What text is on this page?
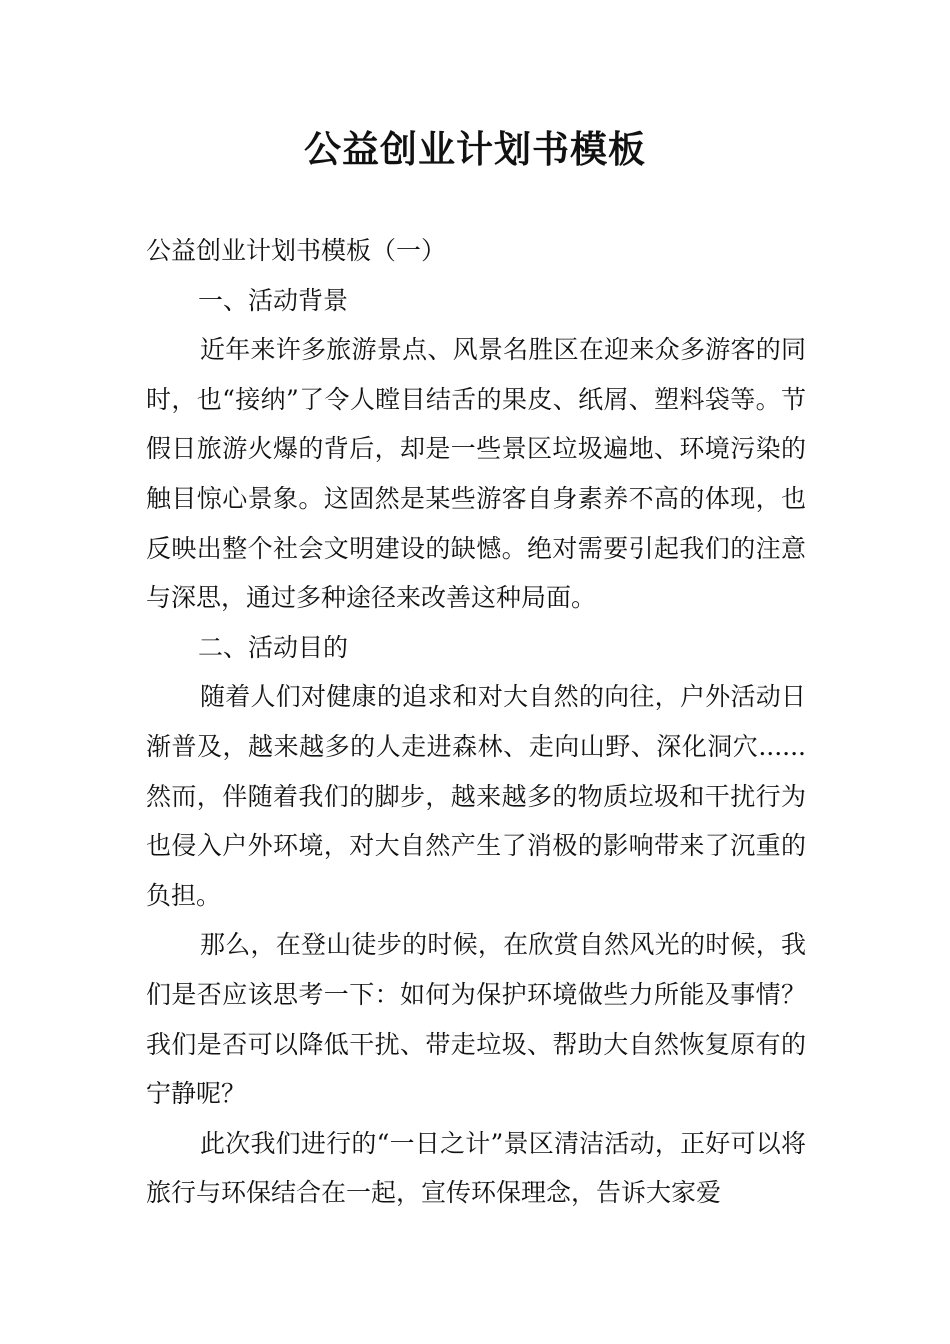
公益创业计划书模板

公益创业计划书模板（一）

一、活动背景

近年来许多旅游景点、风景名胜区在迎来众多游客的同时，也“接纳”了令人瞠目结舌的果皮、纸屑、塑料袋等。节假日旅游火爆的背后，却是一些景区垃圾遍地、环境污染的触目惊心景象。这固然是某些游客自身素养不高的体现，也反映出整个社会文明建设的缺憾。绝对需要引起我们的注意与深思，通过多种途径来改善这种局面。

二、活动目的

随着人们对健康的追求和对大自然的向往，户外活动日渐普及，越来越多的人走进森林、走向山野、深化洞穴......然而，伴随着我们的脚步，越来越多的物质垃圾和干扰行为也侵入户外环境，对大自然产生了消极的影响带来了沉重的负担。

那么，在登山徒步的时候，在欣赏自然风光的时候，我们是否应该思考一下：如何为保护环境做些力所能及事情？我们是否可以降低干扰、带走垃圾、帮助大自然恢复原有的宁静呢？

此次我们进行的“一日之计”景区清洁活动，正好可以将旅行与环保结合在一起，宣传环保理念，告诉大家爱
